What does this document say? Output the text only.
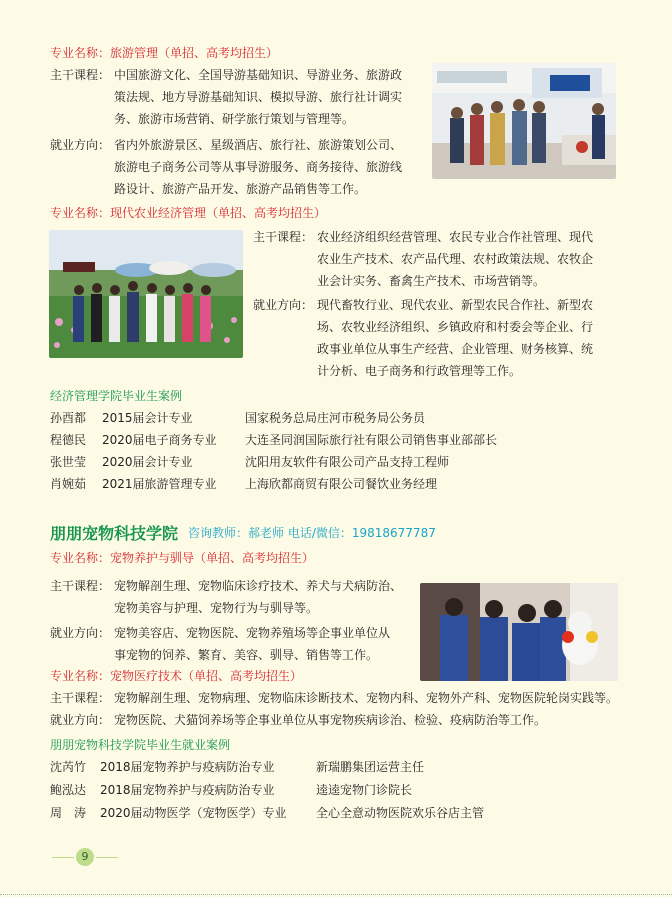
专业名称：旅游管理（单招、高考均招生）
主干课程： 中国旅游文化、全国导游基础知识、导游业务、旅游政
策法规、地方导游基础知识、模拟导游、旅行社计调实
务、旅游市场营销、研学旅行策划与管理等。
就业方向： 省内外旅游景区、星级酒店、旅行社、旅游策划公司、
旅游电子商务公司等从事导游服务、商务接待、旅游线
路设计、旅游产品开发、旅游产品销售等工作。
专业名称：现代农业经济管理（单招、高考均招生）
主干课程： 农业经济组织经营管理、农民专业合作社管理、现代
农业生产技术、农产品代理、农村政策法规、农牧企
业会计实务、畜禽生产技术、市场营销等。
就业方向： 现代畜牧行业、现代农业、新型农民合作社、新型农
场、农牧业经济组织、乡镇政府和村委会等企业、行
政事业单位从事生产经营、企业管理、财务核算、统
计分析、电子商务和行政管理等工作。
经济管理学院毕业生案例
孙酉都 2015届会计专业	国家税务总局庄河市税务局公务员
程德民 2020届电子商务专业 大连圣同润国际旅行社有限公司销售事业部部长
张世莹 2020届会计专业	沈阳用友软件有限公司产品支持工程师
肖婉茹 2021届旅游管理专业 上海欣都商贸有限公司餐饮业务经理
朋朋宠物科技学院 咨询教师：郝老师 电话/微信：19818677787
专业名称：宠物养护与驯导（单招、高考均招生）
主干课程： 宠物解剖生理、宠物临床诊疗技术、养犬与犬病防治、
宠物美容与护理、宠物行为与驯导等。
就业方向： 宠物美容店、宠物医院、宠物养殖场等企事业单位从
事宠物的饲养、繁育、美容、驯导、销售等工作。
专业名称：宠物医疗技术（单招、高考均招生）
主干课程： 宠物解剖生理、宠物病理、宠物临床诊断技术、宠物内科、宠物外产科、宠物医院轮岗实践等。
就业方向： 宠物医院、犬猫饲养场等企事业单位从事宠物疾病诊治、检验、疫病防治等工作。
朋朋宠物科技学院毕业生就业案例
沈芮竹 2018届宠物养护与疫病防治专业	新瑞鹏集团运营主任
鲍泓达 2018届宠物养护与疫病防治专业	逵逵宠物门诊院长
周　涛 2020届动物医学（宠物医学）专业 全心全意动物医院欢乐谷店主管
9
